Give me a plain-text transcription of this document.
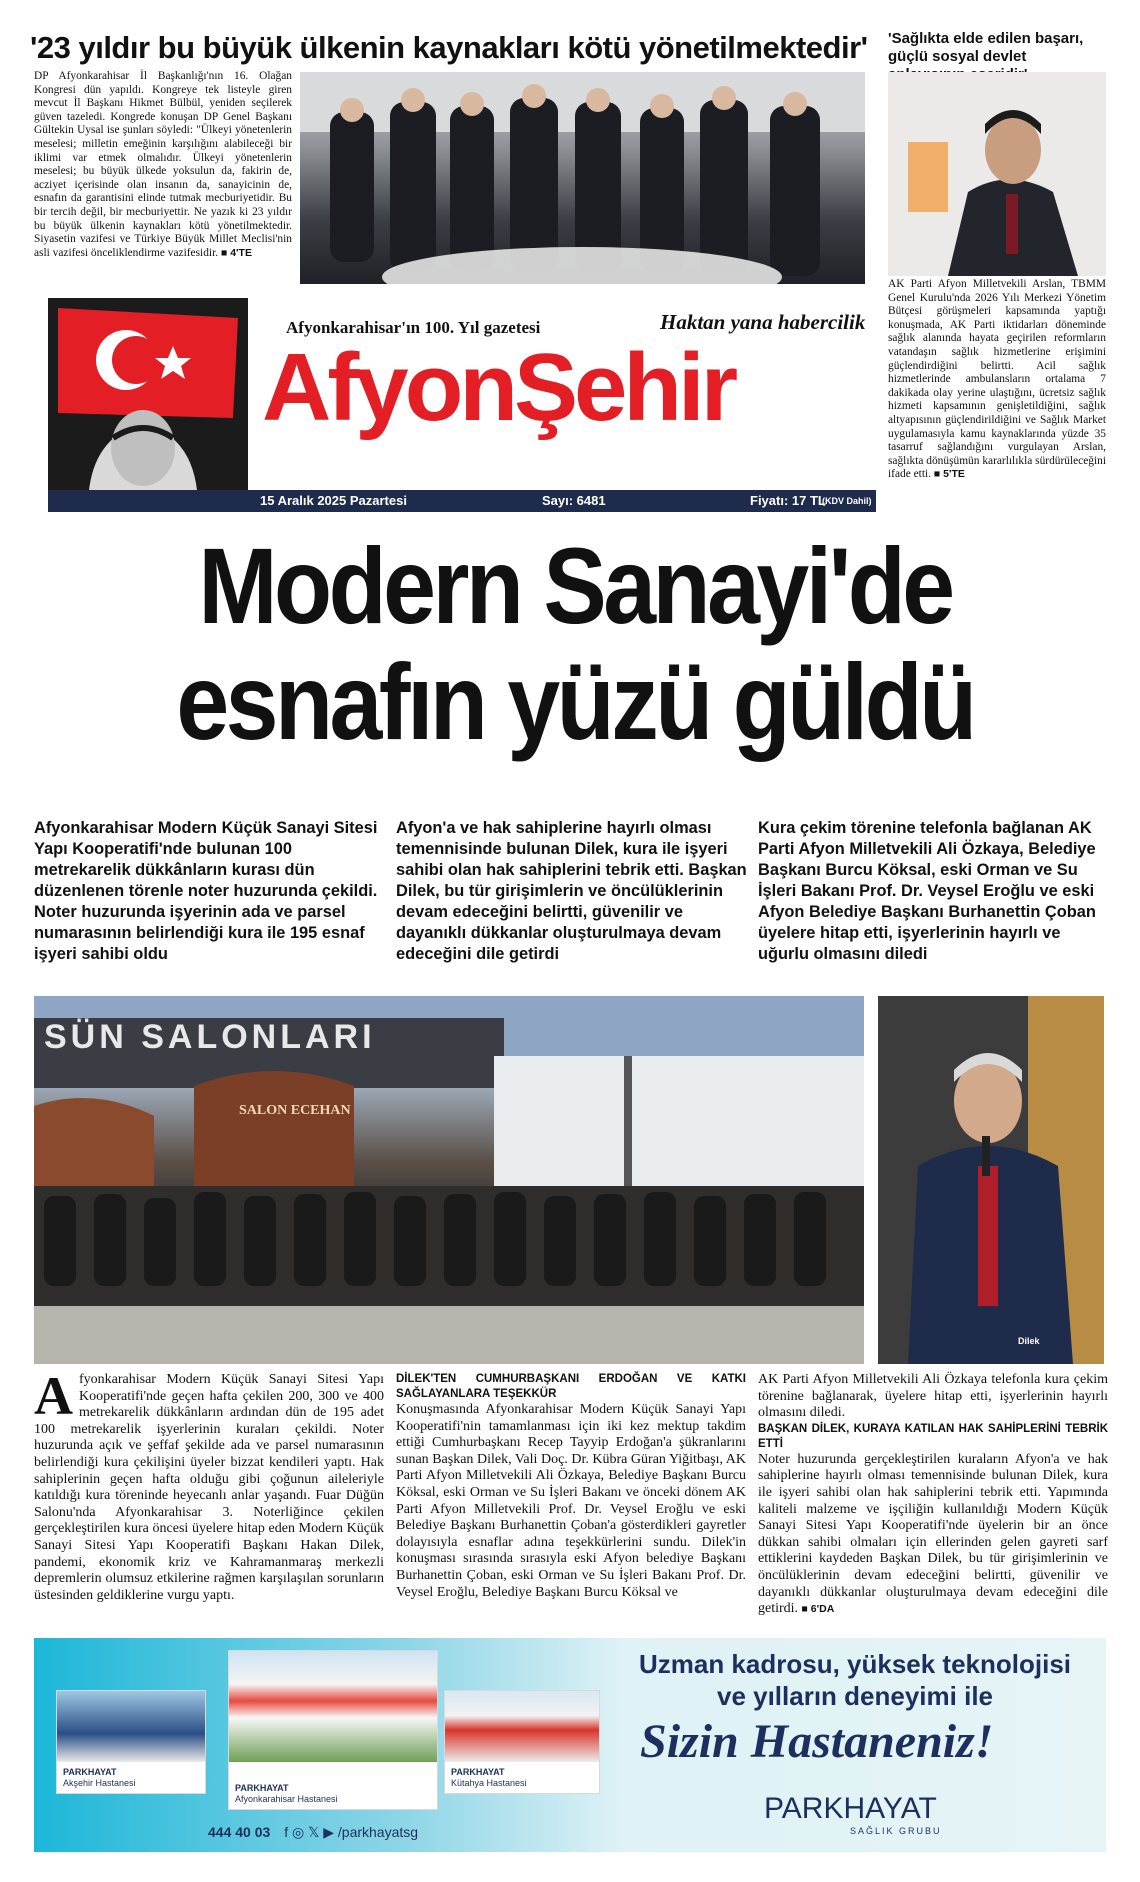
'23 yıldır bu büyük ülkenin kaynakları kötü yönetilmektedir'
DP Afyonkarahisar İl Başkanlığı'nın 16. Olağan Kongresi dün yapıldı. Kongreye tek listeyle giren mevcut İl Başkanı Hikmet Bülbül, yeniden seçilerek güven tazeledi. Kongrede konuşan DP Genel Başkanı Gültekin Uysal ise şunları söyledi: "Ülkeyi yönetenlerin meselesi; milletin emeğinin karşılığını alabileceği bir iklimi var etmek olmalıdır. Ülkeyi yönetenlerin meselesi; bu büyük ülkede yoksulun da, fakirin de, acziyet içerisinde olan insanın da, sanayicinin de, esnafın da garantisini elinde tutmak mecburiyetidir. Bu bir tercih değil, bir mecburiyettir. Ne yazık ki 23 yıldır bu büyük ülkenin kaynakları kötü yönetilmektedir. Siyasetin vazifesi ve Türkiye Büyük Millet Meclisi'nin asli vazifesi önceliklendirme vazifesidir. ■ 4'TE
'Sağlıkta elde edilen başarı, güçlü sosyal devlet
AK Parti Afyon Milletvekili Arslan, TBMM Genel Kurulu'nda 2026 Yılı Merkezi Yönetim Bütçesi görüşmeleri kapsamında yaptığı konuşmada, AK Parti iktidarları döneminde sağlık alanında hayata geçirilen reformların vatandaşın sağlık hizmetlerine erişimini güçlendirdiğini belirtti. Acil sağlık hizmetlerinde ambulansların ortalama 7 dakikada olay yerine ulaştığını, ücretsiz sağlık hizmeti kapsamının genişletildiğini, sağlık altyapısının güçlendirildiğini ve Sağlık Market uygulamasıyla kamu kaynaklarında yüzde 35 tasarruf sağlandığını vurgulayan Arslan, sağlıkta dönüşümün kararlılıkla sürdürüleceğini ifade etti. ■ 5'TE
Afyonkarahisar'ın 100. Yıl gazetesi	Haktan yana habercilik
AfyonŞehir
15 Aralık 2025 Pazartesi	Sayı: 6481	Fiyatı: 17 TL
(KDV Dahil)
Modern Sanayi'de
esnafın yüzü güldü
Afyonkarahisar Modern Küçük Sanayi Sitesi Yapı Kooperatifi'nde bulunan 100 metrekarelik dükkânların kurası dün düzenlenen törenle noter huzurunda çekildi. Noter huzurunda işyerinin ada ve parsel numarasının belirlendiği kura ile 195 esnaf işyeri sahibi oldu
Afyon'a ve hak sahiplerine hayırlı olması temennisinde bulunan Dilek, kura ile işyeri sahibi olan hak sahiplerini tebrik etti. Başkan Dilek, bu tür girişimlerin ve öncülüklerinin devam edeceğini belirtti, güvenilir ve dayanıklı dükkanlar oluşturulmaya devam edeceğini dile getirdi
Kura çekim törenine telefonla bağlanan AK Parti Afyon Milletvekili Ali Özkaya, Belediye Başkanı Burcu Köksal, eski Orman ve Su İşleri Bakanı Prof. Dr. Veysel Eroğlu ve eski Afyon Belediye Başkanı Burhanettin Çoban üyelere hitap etti, işyerlerinin hayırlı ve uğurlu olmasını diledi
SÜN SALONLARI
SALON ECEHAN
Dilek
A fyonkarahisar Modern Küçük Sanayi Sitesi Yapı Kooperatifi'nde geçen hafta çekilen 200, 300 ve 400 metrekarelik dükkânların ardından dün de 195 adet 100 metrekarelik işyerlerinin kuraları çekildi. Noter huzurunda açık ve şeffaf şekilde ada ve parsel numarasının belirlendiği kura çekilişini üyeler bizzat kendileri yaptı. Hak sahiplerinin geçen hafta olduğu gibi çoğunun aileleriyle katıldığı kura töreninde heyecanlı anlar yaşandı. Fuar Düğün Salonu'nda Afyonkarahisar 3. Noterliğince çekilen gerçekleştirilen kura öncesi üyelere hitap eden Modern Küçük Sanayi Sitesi Yapı Kooperatifi Başkanı Hakan Dilek, pandemi, ekonomik kriz ve Kahramanmaraş merkezli depremlerin olumsuz etkilerine rağmen karşılaşılan sorunların üstesinden geldiklerine vurgu yaptı.
DİLEK'TEN CUMHURBAŞKANI ERDOĞAN VE KATKI SAĞLAYANLARA TEŞEKKÜR
Konuşmasında Afyonkarahisar Modern Küçük Sanayi Yapı Kooperatifi'nin tamamlanması için iki kez mektup takdim ettiği Cumhurbaşkanı Recep Tayyip Erdoğan'a şükranlarını sunan Başkan Dilek, Vali Doç. Dr. Kübra Güran Yiğitbaşı, AK Parti Afyon Milletvekili Ali Özkaya, Belediye Başkanı Burcu Köksal, eski Orman ve Su İşleri Bakanı ve önceki dönem AK Parti Afyon Milletvekili Prof. Dr. Veysel Eroğlu ve eski Belediye Başkanı Burhanettin Çoban'a gösterdikleri gayretler dolayısıyla esnaflar adına teşekkürlerini sundu. Dilek'in konuşması sırasında sırasıyla eski Afyon belediye Başkanı Burhanettin Çoban, eski Orman ve Su İşleri Bakanı Prof. Dr. Veysel Eroğlu, Belediye Başkanı Burcu Köksal ve
AK Parti Afyon Milletvekili Ali Özkaya telefonla kura çekim törenine bağlanarak, üyelere hitap etti, işyerlerinin hayırlı olmasını diledi.
BAŞKAN DİLEK, KURAYA KATILAN HAK SAHİPLERİNİ TEBRİK ETTİ
Noter huzurunda gerçekleştirilen kuraların Afyon'a ve hak sahiplerine hayırlı olması temennisinde bulunan Dilek, kura ile işyeri sahibi olan hak sahiplerini tebrik etti. Yapımında kaliteli malzeme ve işçiliğin kullanıldığı Modern Küçük Sanayi Sitesi Yapı Kooperatifi'nde üyelerin bir an önce dükkan sahibi olmaları için ellerinden gelen gayreti sarf ettiklerini kaydeden Başkan Dilek, bu tür girişimlerinin ve öncülüklerinin devam edeceğini belirtti, güvenilir ve dayanıklı dükkanlar oluşturulmaya devam edeceğini dile getirdi. ■ 6'DA
PARKHAYAT
Akşehir Hastanesi	PARKHAYAT
Afyonkarahisar Hastanesi
PARKHAYAT
Kütahya Hastanesi
Uzman kadrosu, yüksek teknolojisi
ve yılların deneyimi ile
Sizin Hastaneniz!
PARKHAYAT
SAĞLIK GRUBU
444 40 03 f ◎ 𝕏 ▶ /parkhayatsg
